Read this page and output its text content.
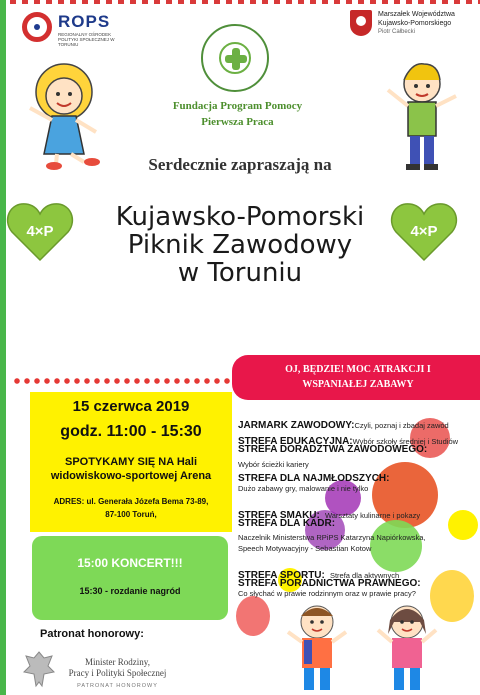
ROPS
REGIONALNY OŚRODEK POLITYKI SPOŁECZNEJ W TORUNIU
Fundacja Program Pomocy
Pierwsza Praca
Marszałek Województwa
Kujawsko-Pomorskiego
Piotr Całbecki
Serdecznie zapraszają na
4×P	4×P
Kujawsko-Pomorski
Piknik Zawodowy
w Toruniu
15 czerwca 2019
godz. 11:00 - 15:30
SPOTYKAMY SIĘ NA Hali
widowiskowo-sportowej Arena
ADRES: ul. Generała Józefa Bema 73-89,
87-100 Toruń,
15:00 KONCERT!!!
15:30 - rozdanie nagród
Patronat honorowy:
Minister Rodziny,
Pracy i Polityki Społecznej
PATRONAT HONOROWY
OJ, BĘDZIE! MOC ATRAKCJI I
WSPANIAŁEJ ZABAWY
JARMARK ZAWODOWY:Czyli, poznaj i zbadaj zawód
STREFA EDUKACYJNA:Wybór szkoły średniej i Studiów
STREFA DORADZTWA ZAWODOWEGO:
Wybór ścieżki kariery
STREFA DLA NAJMŁODSZYCH:
Dużo zabawy gry, malowanie i nie tylko
STREFA SMAKU: Warsztaty kulinarne i pokazy
STREFA DLA KADR:
Naczelnik Ministerstwa RPiPS Katarzyna Napiórkowska,
Speech Motywacyjny - Sebastian Kotow
STREFA SPORTU: Strefa dla aktywnych
STREFA PORADNICTWA PRAWNEGO:
Co słychać w prawie rodzinnym oraz w prawie pracy?
